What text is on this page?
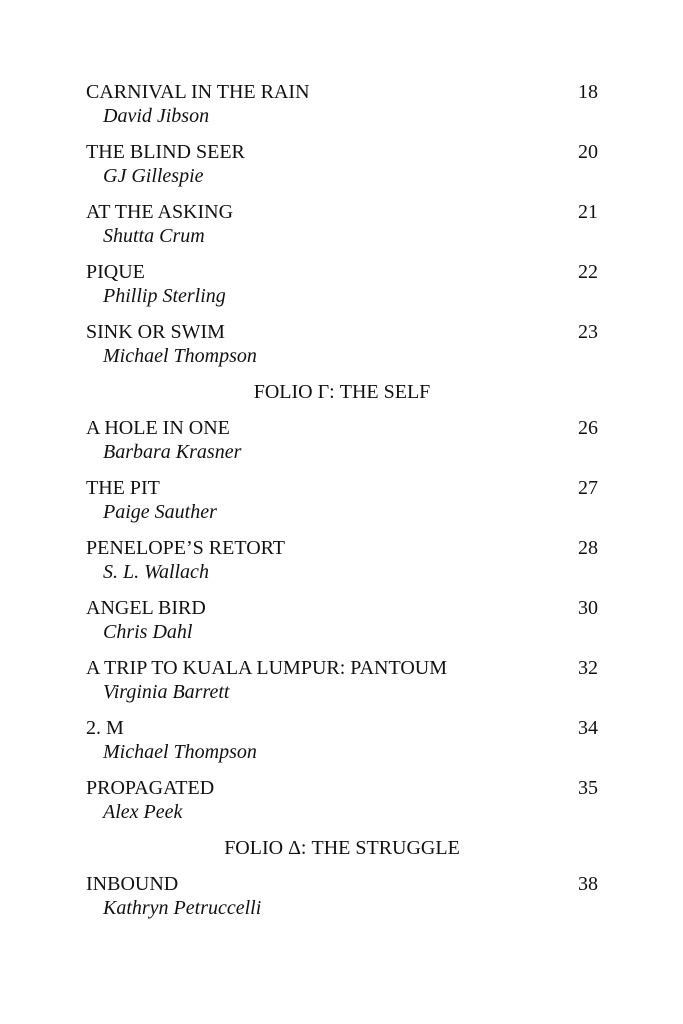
CARNIVAL IN THE RAIN
David Jibson
18
THE BLIND SEER
GJ Gillespie
20
AT THE ASKING
Shutta Crum
21
PIQUE
Phillip Sterling
22
SINK OR SWIM
Michael Thompson
23
FOLIO Γ: THE SELF
A HOLE IN ONE
Barbara Krasner
26
THE PIT
Paige Sauther
27
PENELOPE’S RETORT
S. L. Wallach
28
ANGEL BIRD
Chris Dahl
30
A TRIP TO KUALA LUMPUR: PANTOUM
Virginia Barrett
32
2. M
Michael Thompson
34
PROPAGATED
Alex Peek
35
FOLIO Δ: THE STRUGGLE
INBOUND
Kathryn Petruccelli
38
